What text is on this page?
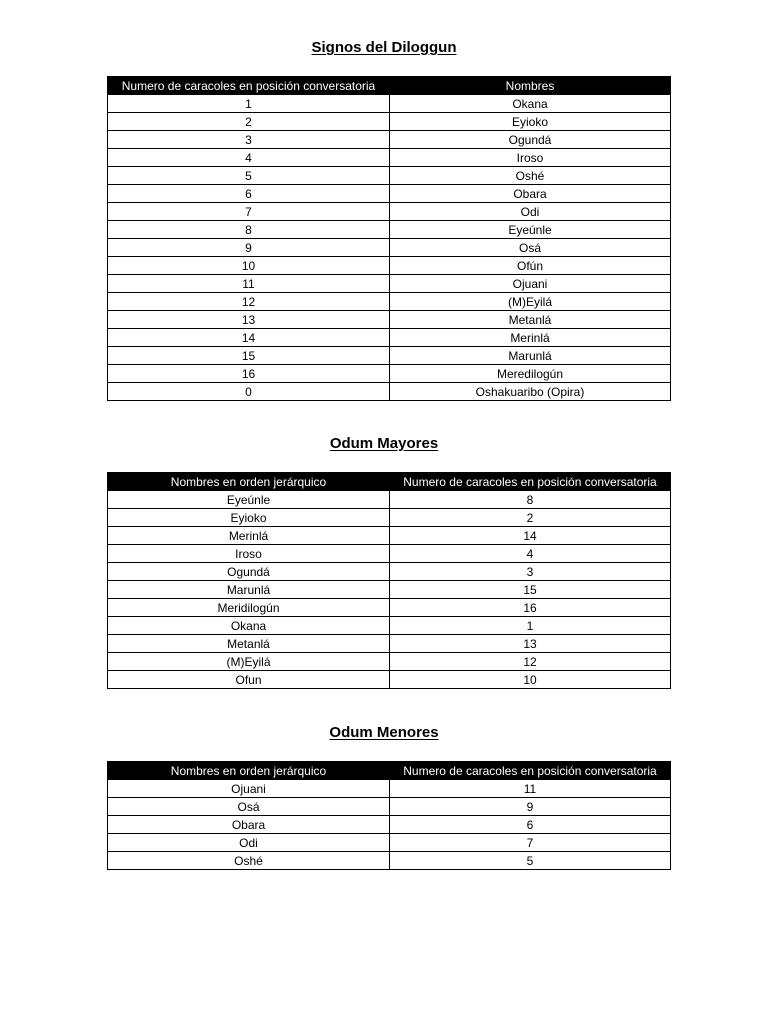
Signos del Diloggun
Numero de caracoles en posición conversatoria	Nombres
1	Okana
2	Eyioko
3	Ogundá
4	Iroso
5	Oshé
6	Obara
7	Odi
8	Eyeúnle
9	Osá
10	Ofún
11	Ojuani
12	(M)Eyilá
13	Metanlá
14	Merinlá
15	Marunlá
16	Meredilogún
0	Oshakuaribo (Opira)
Odum Mayores
Nombres en orden jerárquico	Numero de caracoles en posición conversatoria
Eyeúnle	8
Eyioko	2
Merinlá	14
Iroso	4
Ogundá	3
Marunlá	15
Meridilogún	16
Okana	1
Metanlá	13
(M)Eyilá	12
Ofun	10
Odum Menores
Nombres en orden jerárquico	Numero de caracoles en posición conversatoria
Ojuani	11
Osá	9
Obara	6
Odi	7
Oshé	5
